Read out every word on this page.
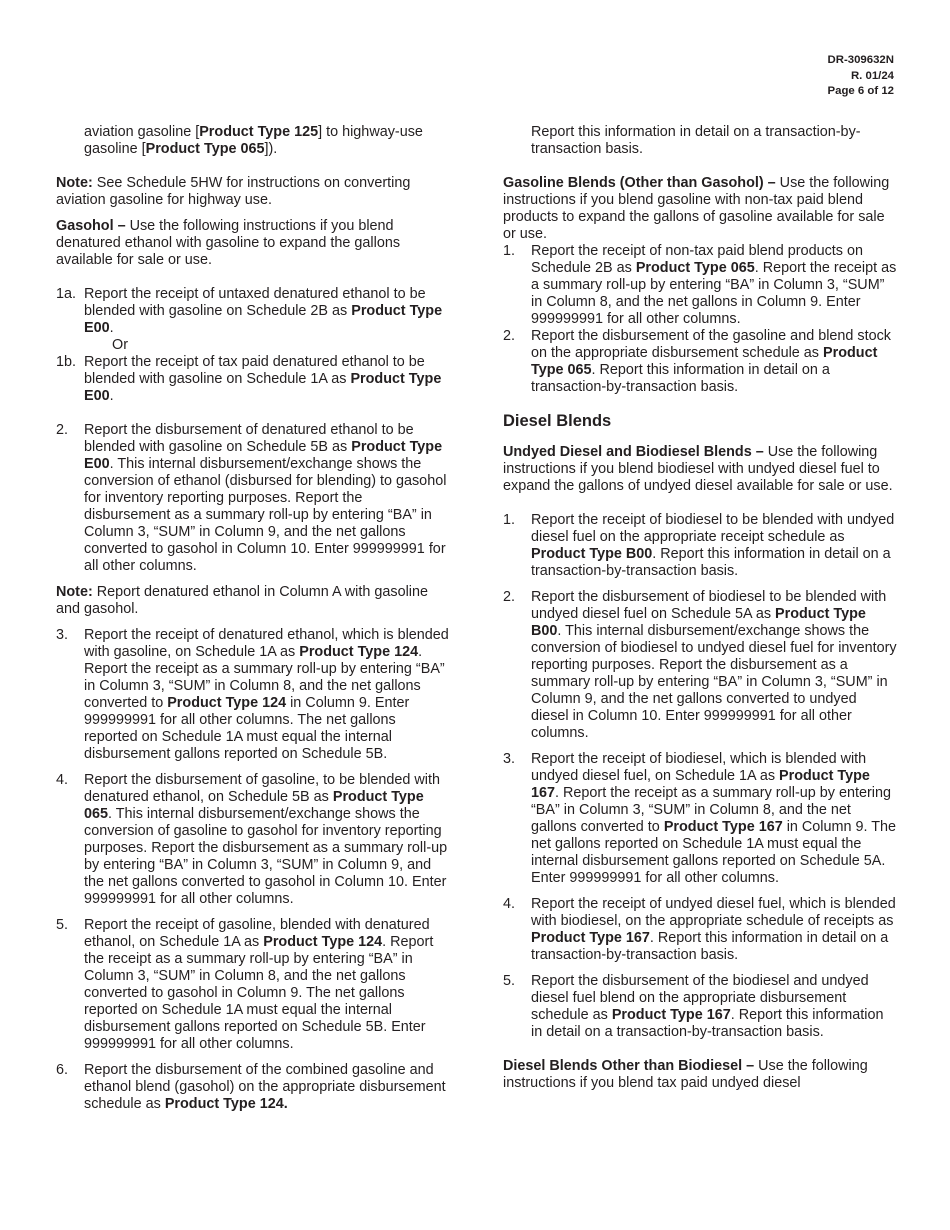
DR-309632N
R. 01/24
Page 6 of 12

aviation gasoline [Product Type 125] to highway-use gasoline [Product Type 065]).

Note: See Schedule 5HW for instructions on converting aviation gasoline for highway use.

Gasohol – Use the following instructions if you blend denatured ethanol with gasoline to expand the gallons available for sale or use.

1a. Report the receipt of untaxed denatured ethanol to be blended with gasoline on Schedule 2B as Product Type E00.

Or

1b. Report the receipt of tax paid denatured ethanol to be blended with gasoline on Schedule 1A as Product Type E00.
2.	Report the disbursement of denatured ethanol to be blended with gasoline on Schedule 5B as Product Type E00. This internal disbursement/exchange shows the conversion of ethanol (disbursed for blending) to gasohol for inventory reporting purposes. Report the disbursement as a summary roll-up by entering “BA” in Column 3, “SUM” in Column 9, and the net gallons converted to gasohol in Column 10. Enter 999999991 for all other columns.

Note: Report denatured ethanol in Column A with gasoline and gasohol.

3.	Report the receipt of denatured ethanol, which is blended with gasoline, on Schedule 1A as Product Type 124. Report the receipt as a summary roll-up by entering “BA” in Column 3, “SUM” in Column 8, and the net gallons converted to Product Type 124 in Column 9. Enter 999999991 for all other columns. The net gallons reported on Schedule 1A must equal the internal disbursement gallons reported on Schedule 5B.
4.	Report the disbursement of gasoline, to be blended with denatured ethanol, on Schedule 5B as Product Type 065. This internal disbursement/exchange shows the conversion of gasoline to gasohol for inventory reporting purposes. Report the disbursement as a summary roll-up by entering “BA” in Column 3, “SUM” in Column 9, and the net gallons converted to gasohol in Column 10. Enter 999999991 for all other columns.
5.	Report the receipt of gasoline, blended with denatured ethanol, on Schedule 1A as Product Type 124. Report the receipt as a summary roll-up by entering “BA” in Column 3, “SUM” in Column 8, and the net gallons converted to gasohol in Column 9. The net gallons reported on Schedule 1A must equal the internal disbursement gallons reported on Schedule 5B. Enter 999999991 for all other columns.
6.	Report the disbursement of the combined gasoline and ethanol blend (gasohol) on the appropriate disbursement schedule as Product Type 124.

Report this information in detail on a transaction-by-transaction basis.

Gasoline Blends (Other than Gasohol) – Use the following instructions if you blend gasoline with non-tax paid blend products to expand the gallons of gasoline available for sale or use.

1.	Report the receipt of non-tax paid blend products on Schedule 2B as Product Type 065. Report the receipt as a summary roll-up by entering “BA” in Column 3, “SUM” in Column 8, and the net gallons in Column 9. Enter 999999991 for all other columns.
2.	Report the disbursement of the gasoline and blend stock on the appropriate disbursement schedule as Product Type 065. Report this information in detail on a transaction-by-transaction basis.
Diesel Blends

Undyed Diesel and Biodiesel Blends – Use the following instructions if you blend biodiesel with undyed diesel fuel to expand the gallons of undyed diesel available for sale or use.

1.	Report the receipt of biodiesel to be blended with undyed diesel fuel on the appropriate receipt schedule as Product Type B00. Report this information in detail on a transaction-by-transaction basis.
2.	Report the disbursement of biodiesel to be blended with undyed diesel fuel on Schedule 5A as Product Type B00. This internal disbursement/exchange shows the conversion of biodiesel to undyed diesel fuel for inventory reporting purposes. Report the disbursement as a summary roll-up by entering “BA” in Column 3, “SUM” in Column 9, and the net gallons converted to undyed diesel in Column 10. Enter 999999991 for all other columns.
3.	Report the receipt of biodiesel, which is blended with undyed diesel fuel, on Schedule 1A as Product Type 167. Report the receipt as a summary roll-up by entering “BA” in Column 3, “SUM” in Column 8, and the net gallons converted to Product Type 167 in Column 9. The net gallons reported on Schedule 1A must equal the internal disbursement gallons reported on Schedule 5A. Enter 999999991 for all other columns.
4.	Report the receipt of undyed diesel fuel, which is blended with biodiesel, on the appropriate schedule of receipts as Product Type 167. Report this information in detail on a transaction-by-transaction basis.
5.	Report the disbursement of the biodiesel and undyed diesel fuel blend on the appropriate disbursement schedule as Product Type 167. Report this information in detail on a transaction-by-transaction basis.

Diesel Blends Other than Biodiesel – Use the following instructions if you blend tax paid undyed diesel
